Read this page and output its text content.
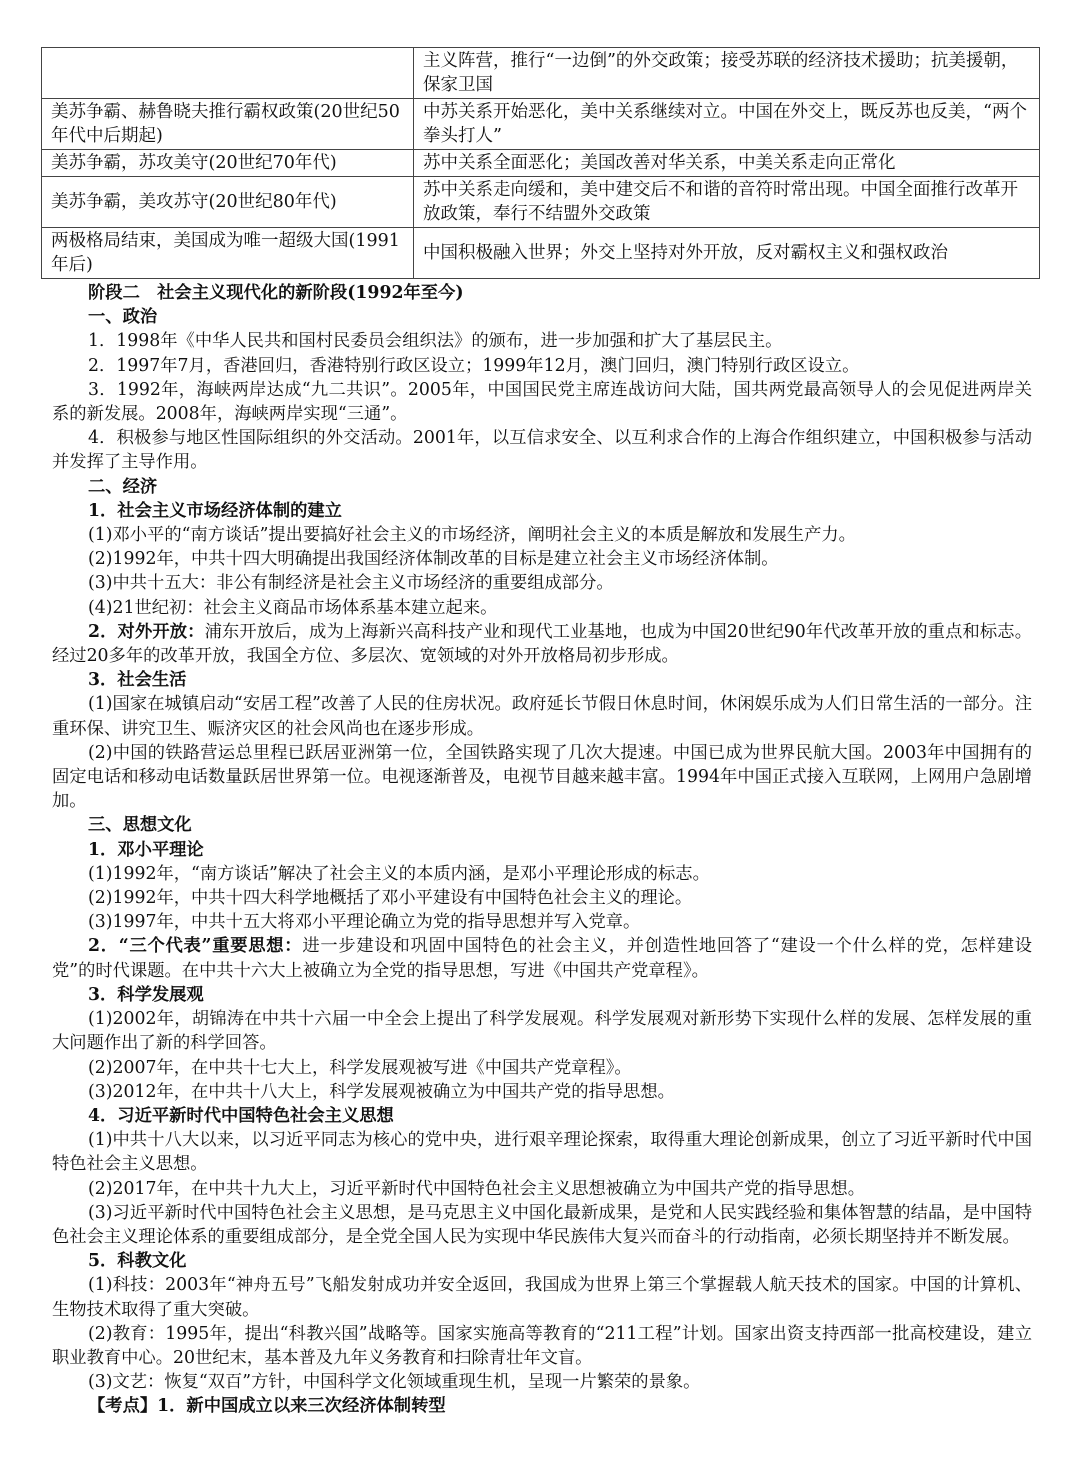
	主义阵营，推行“一边倒”的外交政策；接受苏联的经济技术援助；抗美援朝，保家卫国
美苏争霸、赫鲁晓夫推行霸权政策(20世纪50年代中后期起)	中苏关系开始恶化，美中关系继续对立。中国在外交上，既反苏也反美，“两个拳头打人”
美苏争霸，苏攻美守(20世纪70年代)	苏中关系全面恶化；美国改善对华关系，中美关系走向正常化
美苏争霸，美攻苏守(20世纪80年代)	苏中关系走向缓和，美中建交后不和谐的音符时常出现。中国全面推行改革开放政策，奉行不结盟外交政策
两极格局结束，美国成为唯一超级大国(1991年后)	中国积极融入世界；外交上坚持对外开放，反对霸权主义和强权政治

阶段二　社会主义现代化的新阶段(1992年至今)

一、政治

1．1998年《中华人民共和国村民委员会组织法》的颁布，进一步加强和扩大了基层民主。

2．1997年7月，香港回归，香港特别行政区设立；1999年12月，澳门回归，澳门特别行政区设立。

3．1992年，海峡两岸达成“九二共识”。2005年，中国国民党主席连战访问大陆，国共两党最高领导人的会见促进两岸关系的新发展。2008年，海峡两岸实现“三通”。

4．积极参与地区性国际组织的外交活动。2001年，以互信求安全、以互利求合作的上海合作组织建立，中国积极参与活动并发挥了主导作用。

二、经济

1．社会主义市场经济体制的建立

(1)邓小平的“南方谈话”提出要搞好社会主义的市场经济，阐明社会主义的本质是解放和发展生产力。

(2)1992年，中共十四大明确提出我国经济体制改革的目标是建立社会主义市场经济体制。

(3)中共十五大：非公有制经济是社会主义市场经济的重要组成部分。

(4)21世纪初：社会主义商品市场体系基本建立起来。

2．对外开放：浦东开放后，成为上海新兴高科技产业和现代工业基地，也成为中国20世纪90年代改革开放的重点和标志。经过20多年的改革开放，我国全方位、多层次、宽领域的对外开放格局初步形成。

3．社会生活

(1)国家在城镇启动“安居工程”改善了人民的住房状况。政府延长节假日休息时间，休闲娱乐成为人们日常生活的一部分。注重环保、讲究卫生、赈济灾区的社会风尚也在逐步形成。

(2)中国的铁路营运总里程已跃居亚洲第一位，全国铁路实现了几次大提速。中国已成为世界民航大国。2003年中国拥有的固定电话和移动电话数量跃居世界第一位。电视逐渐普及，电视节目越来越丰富。1994年中国正式接入互联网，上网用户急剧增加。

三、思想文化

1．邓小平理论

(1)1992年，“南方谈话”解决了社会主义的本质内涵，是邓小平理论形成的标志。

(2)1992年，中共十四大科学地概括了邓小平建设有中国特色社会主义的理论。

(3)1997年，中共十五大将邓小平理论确立为党的指导思想并写入党章。

2．“三个代表”重要思想：进一步建设和巩固中国特色的社会主义，并创造性地回答了“建设一个什么样的党，怎样建设党”的时代课题。在中共十六大上被确立为全党的指导思想，写进《中国共产党章程》。

3．科学发展观

(1)2002年，胡锦涛在中共十六届一中全会上提出了科学发展观。科学发展观对新形势下实现什么样的发展、怎样发展的重大问题作出了新的科学回答。

(2)2007年，在中共十七大上，科学发展观被写进《中国共产党章程》。

(3)2012年，在中共十八大上，科学发展观被确立为中国共产党的指导思想。

4．习近平新时代中国特色社会主义思想

(1)中共十八大以来，以习近平同志为核心的党中央，进行艰辛理论探索，取得重大理论创新成果，创立了习近平新时代中国特色社会主义思想。

(2)2017年，在中共十九大上，习近平新时代中国特色社会主义思想被确立为中国共产党的指导思想。

(3)习近平新时代中国特色社会主义思想，是马克思主义中国化最新成果，是党和人民实践经验和集体智慧的结晶，是中国特色社会主义理论体系的重要组成部分，是全党全国人民为实现中华民族伟大复兴而奋斗的行动指南，必须长期坚持并不断发展。

5．科教文化

(1)科技：2003年“神舟五号”飞船发射成功并安全返回，我国成为世界上第三个掌握载人航天技术的国家。中国的计算机、生物技术取得了重大突破。

(2)教育：1995年，提出“科教兴国”战略等。国家实施高等教育的“211工程”计划。国家出资支持西部一批高校建设，建立职业教育中心。20世纪末，基本普及九年义务教育和扫除青壮年文盲。

(3)文艺：恢复“双百”方针，中国科学文化领域重现生机，呈现一片繁荣的景象。

【考点】1．新中国成立以来三次经济体制转型
